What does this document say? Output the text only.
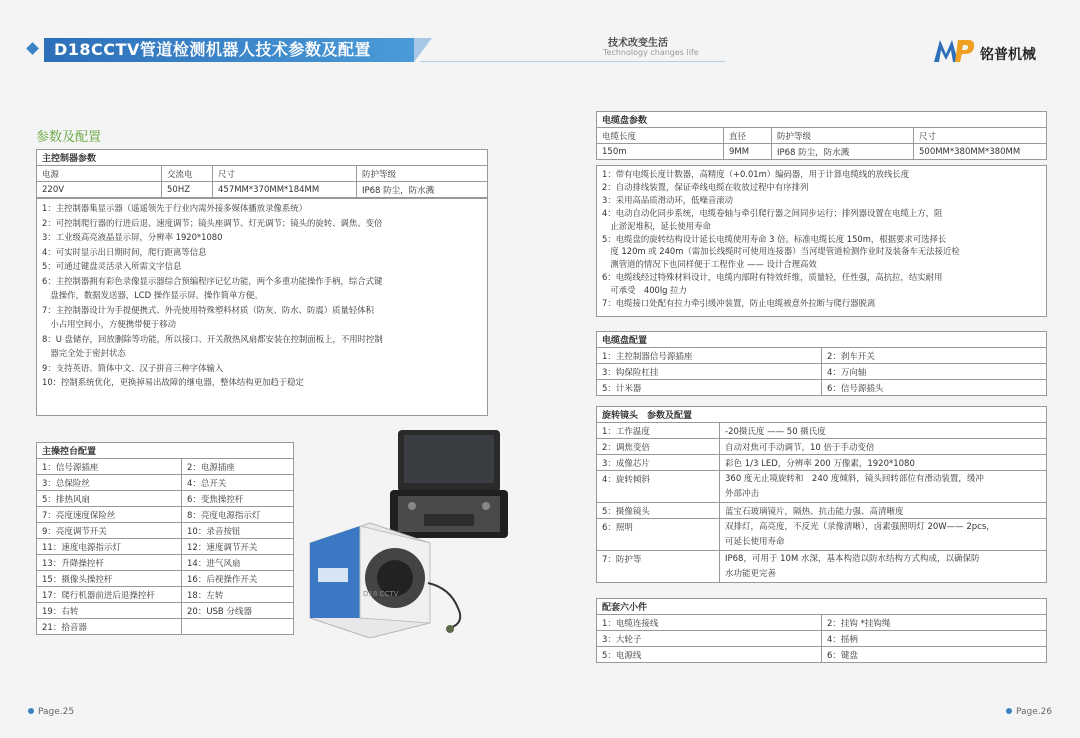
D18CCTV管道检测机器人技术参数及配置	技术改变生活
Technology changes life	铭普机械
参数及配置
主控制器参数			
电源	交流电	尺寸	防护等级
220V	50HZ	457MM*370MM*184MM	IP68 防尘，防水溅
1：主控制器集显示器（遥遥领先于行业内需外接多媒体播放录像系统）
2：可控制爬行器的行进后退、速度调节；镜头座调节、灯光调节；镜头的旋转、调焦、变倍
3：工业级高亮液晶显示屏，分辨率 1920*1080
4：可实时显示出日期时间，爬行距离等信息
5：可通过键盘灵活录入所需文字信息
6：主控制器拥有彩色录像显示器综合预编程序记忆功能，两个多重功能操作手柄，综合式键
　盘操作，数据发送器，LCD 操作显示屏。操作简单方便。
7：主控制器设计为手提便携式、外壳使用特殊塑料材质（防灰、防水、防震）质量轻体积
　小占用空间小，方便携带便于移动
8：U 盘储存，回放删除等功能，所以接口、开关散热风扇都安装在控制面板上，不用时控制
　器完全处于密封状态
9：支持英语、简体中文、汉子拼音三种字体输入
10：控制系统优化，更换掉易出故障的继电器，整体结构更加趋于稳定
主操控台配置	
1：信号源插座	2：电源插座
3：总保险丝	4：总开关
5：排热风扇	6：变焦操控杆
7：亮度速度保险丝	8：亮度电源指示灯
9：亮度调节开关	10：录音按钮
11：速度电源指示灯	12：速度调节开关
13：升降操控杆	14：进气风扇
15：摄像头操控杆	16：后视操作开关
17：爬行机器前进后退操控杆	18：左转
19：右转	20：USB 分线器
21：拾音器	
D18 CCTV
Page.25
电缆盘参数			
电缆长度	直径	防护等级	尺寸
150m	9MM	IP68 防尘，防水溅	500MM*380MM*380MM
1：带有电缆长度计数器，高精度（+0.01m）编码器，用于计算电缆线的放线长度
2：自动排线装置，保证牵线电缆在收放过程中有序排列
3：采用高品质滑动环，低噪音滚动
4：电动自动化同步系统，电缆卷轴与牵引爬行器之间同步运行；排列器设置在电缆上方，阻
　止淤泥堆积，延长使用寿命
5：电缆盘的旋转结构设计延长电缆使用寿命 3 倍。标准电缆长度 150m，根据要求可选择长
　度 120m 或 240m（需加长线缆时可使用连接器）当河堤管道检测作业时及装备车无法接近检
　测管道的情况下也同样便于工程作业 —— 设计合理高效
6：电缆线经过特殊材料设计，电缆内部附有特效纤维，质量轻，任性强，高抗拉，结实耐用
　可承受　400lg 拉力
7：电缆接口处配有拉力牵引缓冲装置，防止电缆被意外拉断与爬行器脱离
电缆盘配置	
1：主控制器信号源插座	2：刹车开关
3：钩保险杠挂	4：万向轴
5：计米器	6：信号源插头
旋转镜头　参数及配置	
1：工作温度	-20摄氏度 —— 50 摄氏度
2：调焦变倍	自动对焦可手动调节，10 倍于手动变倍
3：成像芯片	彩色 1/3 LED，分辨率 200 万像素，1920*1080
4：旋转倾斜	360 度无止境旋转和　240 度倾斜，镜头回转部位有滑动装置，缓冲
外部冲击
5：摄像镜头	蓝宝石玻璃镜片，隔热、抗击能力强、高清晰度
6：照明	双排灯，高亮度，不反光（录像清晰），卤素强照明灯 20W—— 2pcs，
可延长使用寿命
7：防护等	IP68，可用于 10M 水深，基本构造以防水结构方式构成，以确保防
水功能更完善
配套六小件	
1：电缆连接线	2：挂钩 *挂钩绳
3：大轮子	4：摇柄
5：电源线	6：键盘
Page.26
